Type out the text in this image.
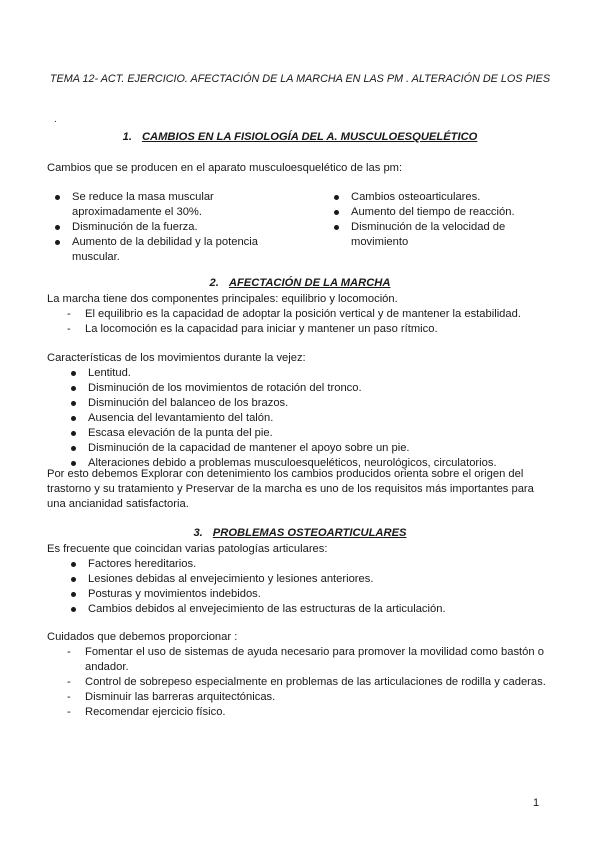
TEMA 12- ACT. EJERCICIO. AFECTACIÓN DE LA MARCHA EN LAS PM . ALTERACIÓN DE LOS PIES
.
1. CAMBIOS EN LA FISIOLOGÍA DEL A. MUSCULOESQUELÉTICO
Cambios que se producen en el aparato musculoesquelético de las pm:
Se reduce la masa muscular aproximadamente el 30%.
Disminución de la fuerza.
Aumento de la debilidad y la potencia muscular.
Cambios osteoarticulares.
Aumento del tiempo de reacción.
Disminución de la velocidad de movimiento
2. AFECTACIÓN DE LA MARCHA
La marcha tiene dos componentes principales: equilibrio y locomoción.
- El equilibrio es la capacidad de adoptar la posición vertical y de mantener la estabilidad.
- La locomoción es la capacidad para iniciar y mantener un paso rítmico.
Características de los movimientos durante la vejez:
Lentitud.
Disminución de los movimientos de rotación del tronco.
Disminución del balanceo de los brazos.
Ausencia del levantamiento del talón.
Escasa elevación de la punta del pie.
Disminución de la capacidad de mantener el apoyo sobre un pie.
Alteraciones debido a problemas musculoesqueléticos, neurológicos, circulatorios.
Por esto debemos Explorar con detenimiento los cambios producidos orienta sobre el origen del trastorno y su tratamiento y Preservar de la marcha es uno de los requisitos más importantes para una ancianidad satisfactoria.
3. PROBLEMAS OSTEOARTICULARES
Es frecuente que coincidan varias patologías articulares:
Factores hereditarios.
Lesiones debidas al envejecimiento y lesiones anteriores.
Posturas y movimientos indebidos.
Cambios debidos al envejecimiento de las estructuras de la articulación.
Cuidados que debemos proporcionar :
- Fomentar el uso de sistemas de ayuda necesario para promover la movilidad como bastón o andador.
- Control de sobrepeso especialmente en problemas de las articulaciones de rodilla y caderas.
- Disminuir las barreras arquitectónicas.
- Recomendar ejercicio físico.
1
